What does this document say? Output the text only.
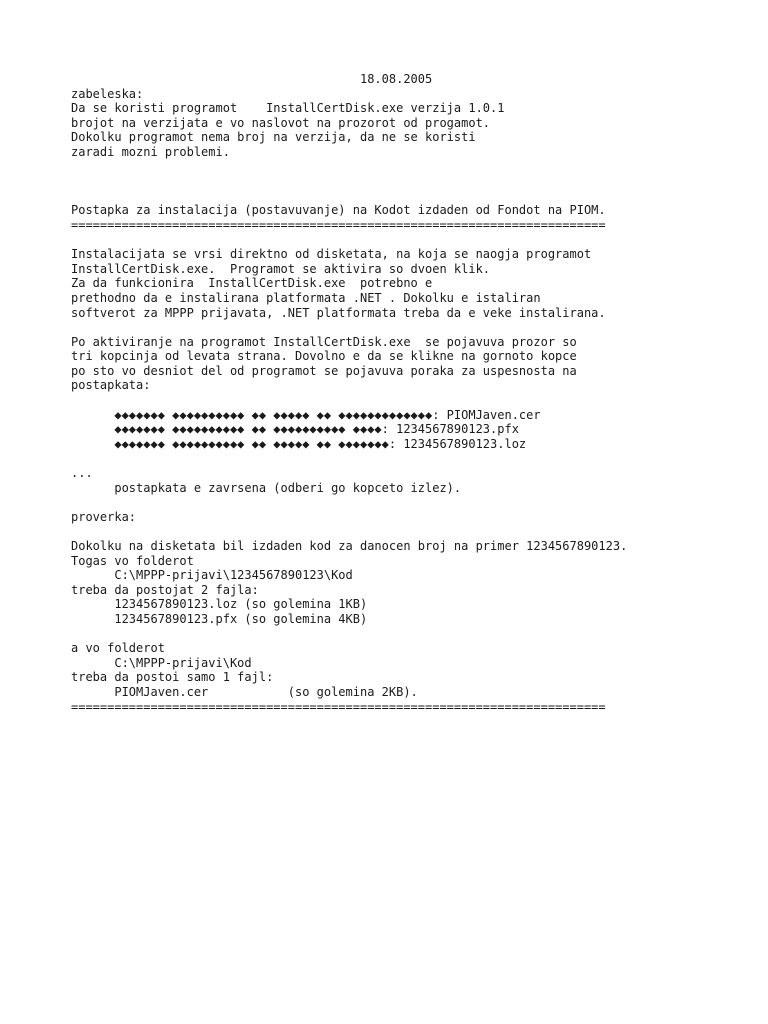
18.08.2005
zabeleska:
Da se koristi programot    InstallCertDisk.exe verzija 1.0.1
brojot na verzijata e vo naslovot na prozorot od progamot.
Dokolku programot nema broj na verzija, da ne se koristi
zaradi mozni problemi.
Postapka za instalacija (postavuvanje) na Kodot izdaden od Fondot na PIOM.
==========================================================================
Instalacijata se vrsi direktno od disketata, na koja se naogja programot
InstallCertDisk.exe.  Programot se aktivira so dvoen klik.
Za da funkcionira  InstallCertDisk.exe  potrebno e
prethodno da e instalirana platformata .NET . Dokolku e istaliran
softverot za MPPP prijavata, .NET platformata treba da e veke instalirana.
Po aktiviranje na programot InstallCertDisk.exe  se pojavuva prozor so
tri kopcinja od levata strana. Dovolno e da se klikne na gornoto kopce
po sto vo desniot del od programot se pojavuva poraka za uspesnosta na
postapkata:
◆◆◆◆◆◆◆ ◆◆◆◆◆◆◆◆◆◆ ◆◆ ◆◆◆◆◆ ◆◆ ◆◆◆◆◆◆◆◆◆◆◆◆◆: PIOMJaven.cer
◆◆◆◆◆◆◆ ◆◆◆◆◆◆◆◆◆◆ ◆◆ ◆◆◆◆◆◆◆◆◆◆ ◆◆◆◆: 1234567890123.pfx
◆◆◆◆◆◆◆ ◆◆◆◆◆◆◆◆◆◆ ◆◆ ◆◆◆◆◆ ◆◆ ◆◆◆◆◆◆◆: 1234567890123.loz
...
postapkata e zavrsena (odberi go kopceto izlez).
proverka:
Dokolku na disketata bil izdaden kod za danocen broj na primer 1234567890123.
Togas vo folderot
C:\MPPP-prijavi\1234567890123\Kod
treba da postojat 2 fajla:
1234567890123.loz (so golemina 1KB)
1234567890123.pfx (so golemina 4KB)
a vo folderot
C:\MPPP-prijavi\Kod
treba da postoi samo 1 fajl:
PIOMJaven.cer           (so golemina 2KB).
==========================================================================
